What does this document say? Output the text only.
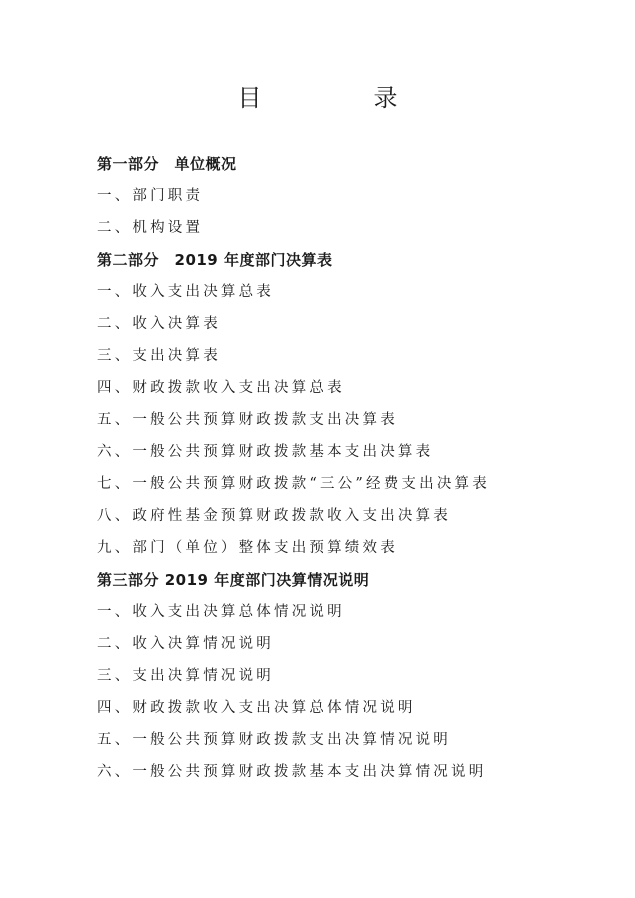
目　录
第一部分　单位概况
一、部门职责
二、机构设置
第二部分　2019 年度部门决算表
一、收入支出决算总表
二、收入决算表
三、支出决算表
四、财政拨款收入支出决算总表
五、一般公共预算财政拨款支出决算表
六、一般公共预算财政拨款基本支出决算表
七、一般公共预算财政拨款“三公”经费支出决算表
八、政府性基金预算财政拨款收入支出决算表
九、部门（单位）整体支出预算绩效表
第三部分 2019 年度部门决算情况说明
一、收入支出决算总体情况说明
二、收入决算情况说明
三、支出决算情况说明
四、财政拨款收入支出决算总体情况说明
五、一般公共预算财政拨款支出决算情况说明
六、一般公共预算财政拨款基本支出决算情况说明
